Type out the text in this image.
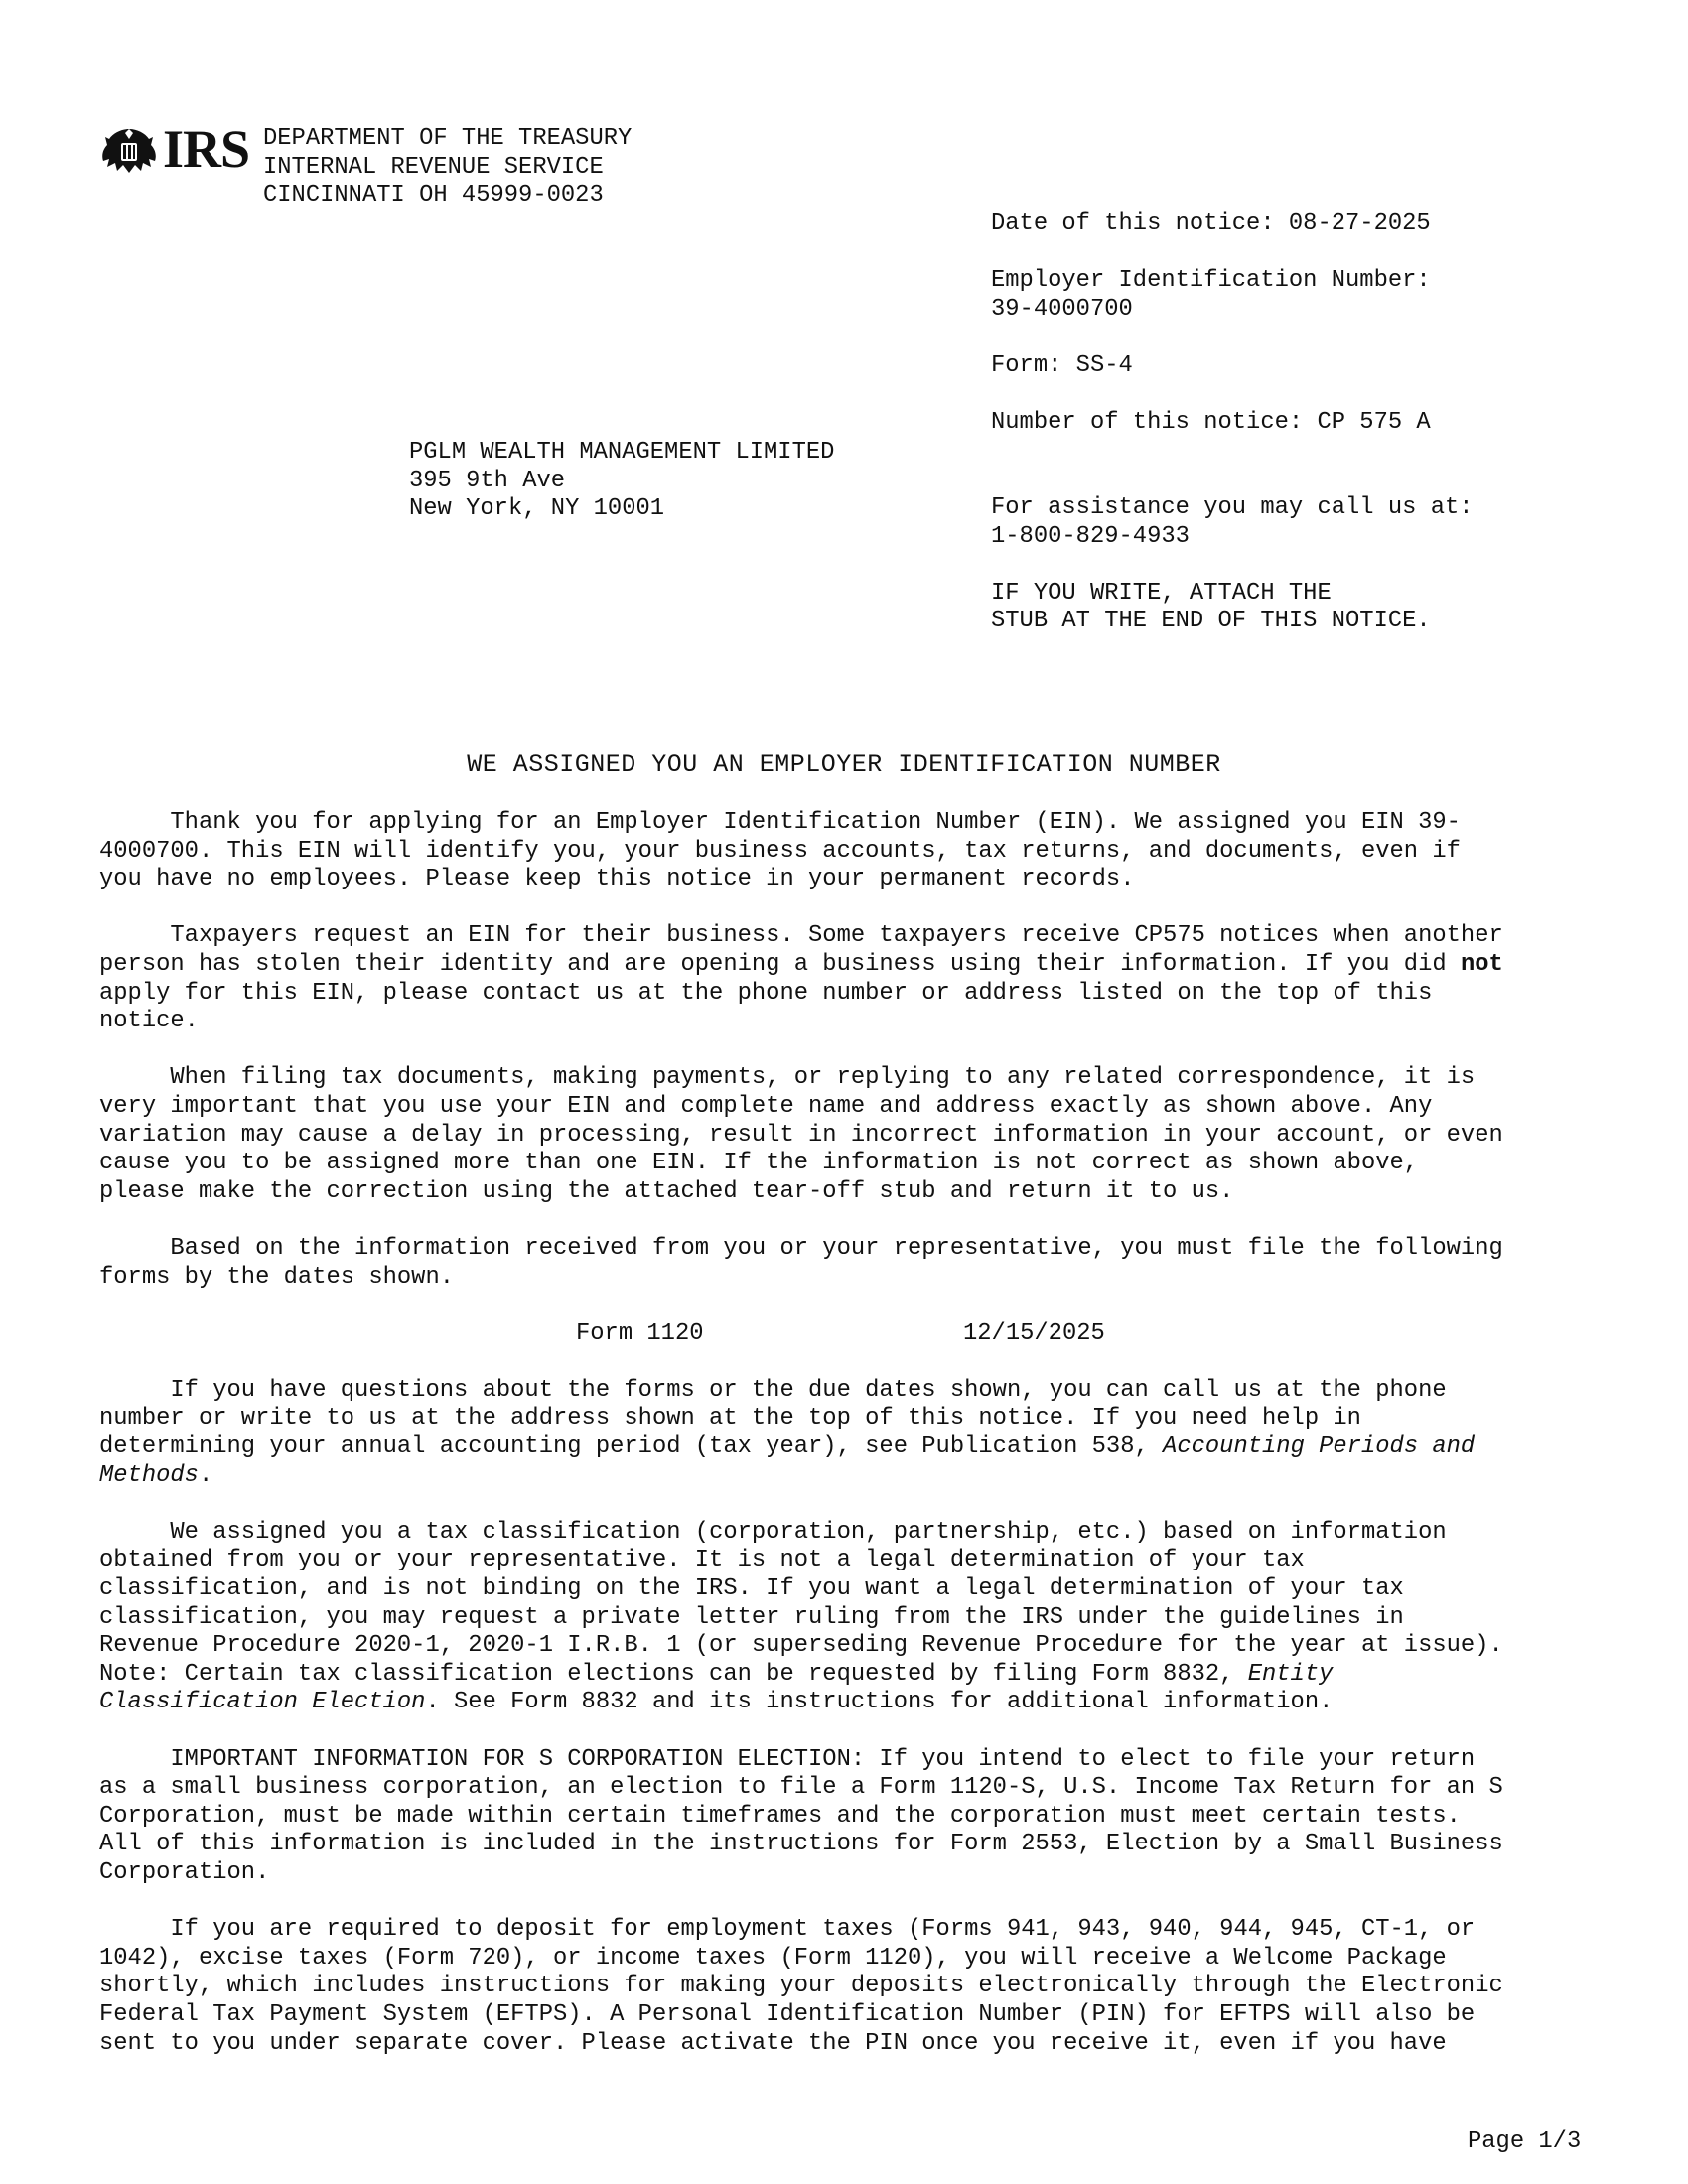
IRS DEPARTMENT OF THE TREASURY
INTERNAL REVENUE SERVICE
CINCINNATI OH 45999-0023
Date of this notice: 08-27-2025
Employer Identification Number:
39-4000700
Form: SS-4
Number of this notice: CP 575 A
For assistance you may call us at:
1-800-829-4933
IF YOU WRITE, ATTACH THE
STUB AT THE END OF THIS NOTICE.
PGLM WEALTH MANAGEMENT LIMITED
395 9th Ave
New York, NY 10001
WE ASSIGNED YOU AN EMPLOYER IDENTIFICATION NUMBER
Thank you for applying for an Employer Identification Number (EIN). We assigned you EIN 39-
4000700. This EIN will identify you, your business accounts, tax returns, and documents, even if
you have no employees. Please keep this notice in your permanent records.
Taxpayers request an EIN for their business. Some taxpayers receive CP575 notices when another
person has stolen their identity and are opening a business using their information. If you did not
apply for this EIN, please contact us at the phone number or address listed on the top of this
notice.
When filing tax documents, making payments, or replying to any related correspondence, it is
very important that you use your EIN and complete name and address exactly as shown above. Any
variation may cause a delay in processing, result in incorrect information in your account, or even
cause you to be assigned more than one EIN. If the information is not correct as shown above,
please make the correction using the attached tear-off stub and return it to us.
Based on the information received from you or your representative, you must file the following
forms by the dates shown.
Form 1120	12/15/2025
If you have questions about the forms or the due dates shown, you can call us at the phone
number or write to us at the address shown at the top of this notice. If you need help in
determining your annual accounting period (tax year), see Publication 538, Accounting Periods and
Methods.
We assigned you a tax classification (corporation, partnership, etc.) based on information
obtained from you or your representative. It is not a legal determination of your tax
classification, and is not binding on the IRS. If you want a legal determination of your tax
classification, you may request a private letter ruling from the IRS under the guidelines in
Revenue Procedure 2020-1, 2020-1 I.R.B. 1 (or superseding Revenue Procedure for the year at issue).
Note: Certain tax classification elections can be requested by filing Form 8832, Entity
Classification Election. See Form 8832 and its instructions for additional information.
IMPORTANT INFORMATION FOR S CORPORATION ELECTION: If you intend to elect to file your return
as a small business corporation, an election to file a Form 1120-S, U.S. Income Tax Return for an S
Corporation, must be made within certain timeframes and the corporation must meet certain tests.
All of this information is included in the instructions for Form 2553, Election by a Small Business
Corporation.
If you are required to deposit for employment taxes (Forms 941, 943, 940, 944, 945, CT-1, or
1042), excise taxes (Form 720), or income taxes (Form 1120), you will receive a Welcome Package
shortly, which includes instructions for making your deposits electronically through the Electronic
Federal Tax Payment System (EFTPS). A Personal Identification Number (PIN) for EFTPS will also be
sent to you under separate cover. Please activate the PIN once you receive it, even if you have
Page 1/3
